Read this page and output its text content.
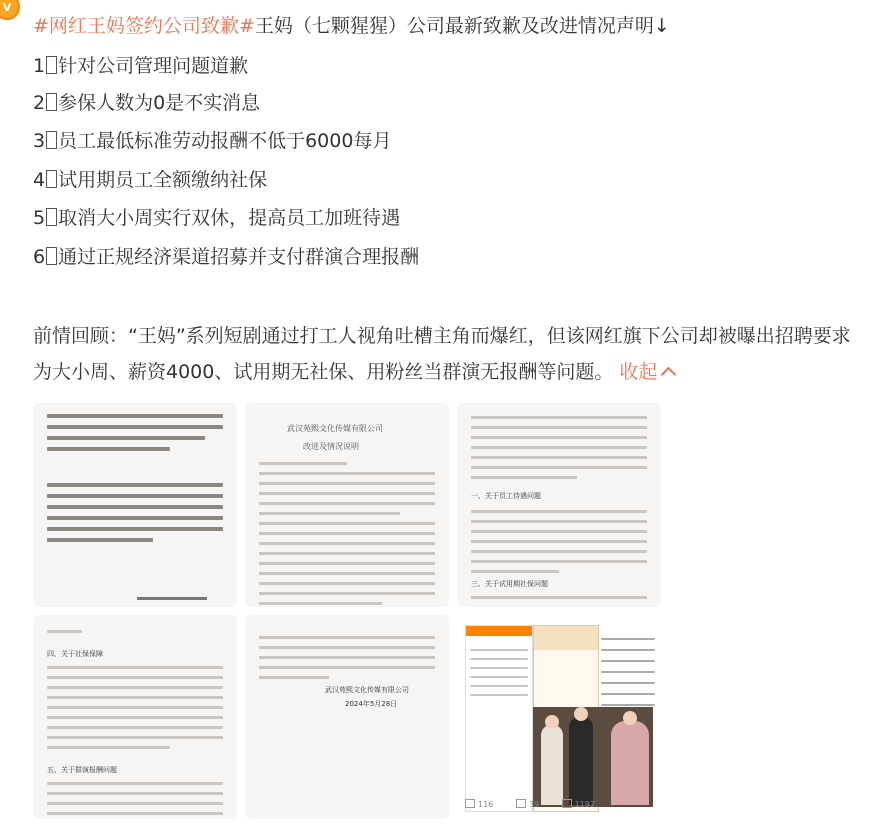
V
#网红王妈签约公司致歉#王妈（七颗猩猩）公司最新致歉及改进情况声明↓
1 针对公司管理问题道歉
2 参保人数为0是不实消息
3 员工最低标准劳动报酬不低于6000每月
4 试用期员工全额缴纳社保
5 取消大小周实行双休，提高员工加班待遇
6 通过正规经济渠道招募并支付群演合理报酬
前情回顾：“王妈”系列短剧通过打工人视角吐槽主角而爆红，但该网红旗下公司却被曝出招聘要求为大小周、薪资4000、试用期无社保、用粉丝当群演无报酬等问题。 收起
武汉苑熙文化传媒有限公司
改进及情况说明
一、关于员工待遇问题
三、关于试用期社保问题
四、关于社保保障
五、关于群演报酬问题
武汉苑熙文化传媒有限公司
2024年5月28日
116	39	1197
